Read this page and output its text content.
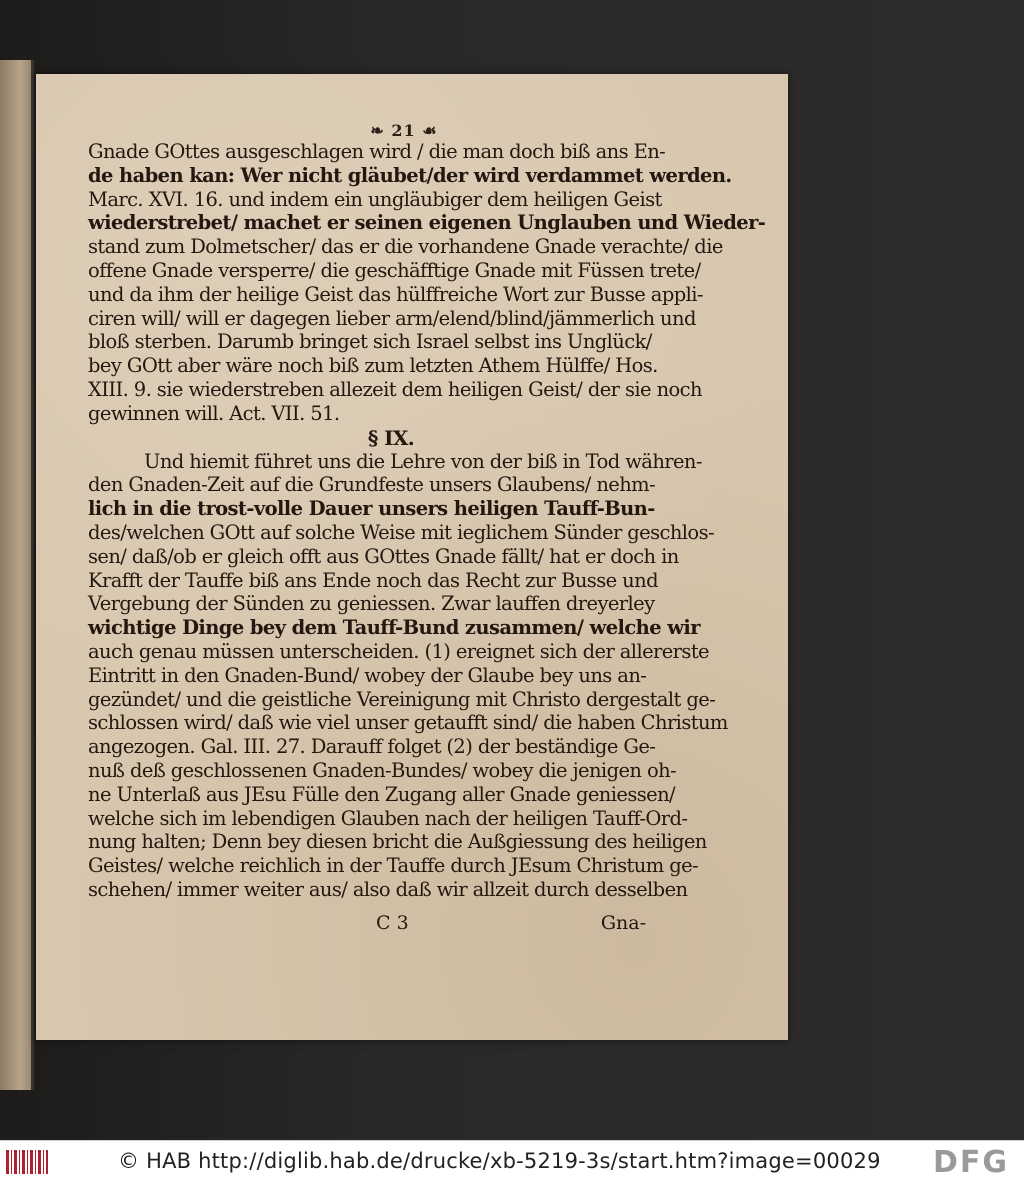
❧ 21 ☙
Gnade GOttes ausgeschlagen wird / die man doch biß ans En-
de haben kan: Wer nicht gläubet/der wird verdammet werden.
Marc. XVI. 16. und indem ein ungläubiger dem heiligen Geist
wiederstrebet/ machet er seinen eigenen Unglauben und Wieder-
stand zum Dolmetscher/ das er die vorhandene Gnade verachte/ die
offene Gnade versperre/ die geschäfftige Gnade mit Füssen trete/
und da ihm der heilige Geist das hülffreiche Wort zur Busse appli-
ciren will/ will er dagegen lieber arm/elend/blind/jämmerlich und
bloß sterben. Darumb bringet sich Israel selbst ins Unglück/
bey GOtt aber wäre noch biß zum letzten Athem Hülffe/ Hos.
XIII. 9. sie wiederstreben allezeit dem heiligen Geist/ der sie noch
gewinnen will. Act. VII. 51.
§ IX.
Und hiemit führet uns die Lehre von der biß in Tod währen-
den Gnaden-Zeit auf die Grundfeste unsers Glaubens/ nehm-
lich in die trost-volle Dauer unsers heiligen Tauff-Bun-
des/welchen GOtt auf solche Weise mit ieglichem Sünder geschlos-
sen/ daß/ob er gleich offt aus GOttes Gnade fällt/ hat er doch in
Krafft der Tauffe biß ans Ende noch das Recht zur Busse und
Vergebung der Sünden zu geniessen. Zwar lauffen dreyerley
wichtige Dinge bey dem Tauff-Bund zusammen/ welche wir
auch genau müssen unterscheiden. (1) ereignet sich der allererste
Eintritt in den Gnaden-Bund/ wobey der Glaube bey uns an-
gezündet/ und die geistliche Vereinigung mit Christo dergestalt ge-
schlossen wird/ daß wie viel unser getaufft sind/ die haben Christum
angezogen. Gal. III. 27. Darauff folget (2) der beständige Ge-
nuß deß geschlossenen Gnaden-Bundes/ wobey die jenigen oh-
ne Unterlaß aus JEsu Fülle den Zugang aller Gnade geniessen/
welche sich im lebendigen Glauben nach der heiligen Tauff-Ord-
nung halten; Denn bey diesen bricht die Außgiessung des heiligen
Geistes/ welche reichlich in der Tauffe durch JEsum Christum ge-
schehen/ immer weiter aus/ also daß wir allzeit durch desselben
C 3	Gna-
© HAB http://diglib.hab.de/drucke/xb-5219-3s/start.htm?image=00029 DFG
